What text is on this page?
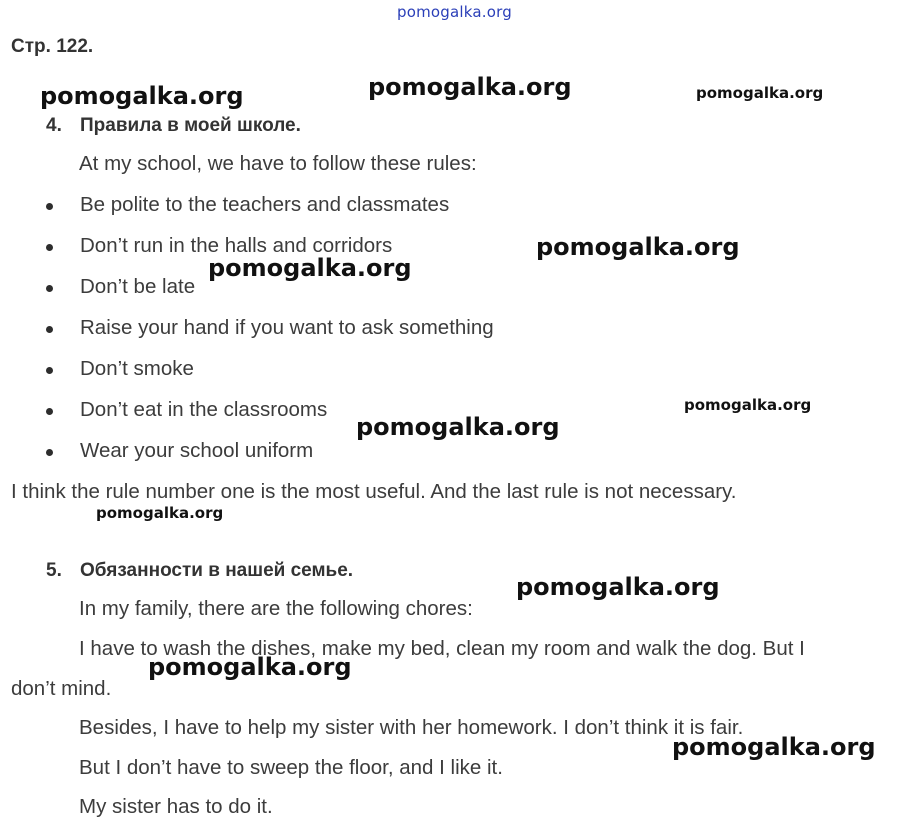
pomogalka.org
Стр. 122.
4. Правила в моей школе.
At my school, we have to follow these rules:
Be polite to the teachers and classmates
Don’t run in the halls and corridors
Don’t be late
Raise your hand if you want to ask something
Don’t smoke
Don’t eat in the classrooms
Wear your school uniform
I think the rule number one is the most useful. And the last rule is not necessary.
5. Обязанности в нашей семье.
In my family, there are the following chores:
I have to wash the dishes, make my bed, clean my room and walk the dog. But I
don’t mind.
Besides, I have to help my sister with her homework. I don’t think it is fair.
But I don’t have to sweep the floor, and I like it.
My sister has to do it.
pomogalka.org	pomogalka.org	pomogalka.org
pomogalka.org
pomogalka.org
pomogalka.org
pomogalka.org
pomogalka.org
pomogalka.org
pomogalka.org
pomogalka.org
